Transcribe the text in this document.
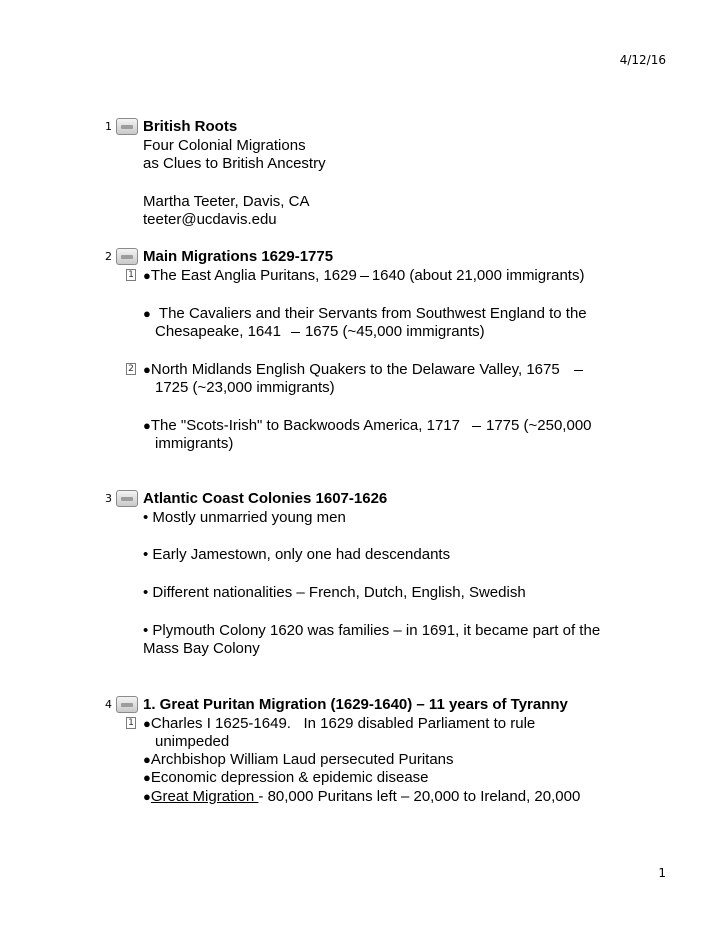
4/12/16
1 British Roots
Four Colonial Migrations
as Clues to British Ancestry
Martha Teeter, Davis, CA
teeter@ucdavis.edu
2 Main Migrations 1629-1775
1 ●The East Anglia Puritans, 1629 1640 (about 21,000 immigrants)
●  The Cavaliers and their Servants from Southwest England to the
Chesapeake, 1641 1675 (~45,000 immigrants)
2 ●North Midlands English Quakers to the Delaware Valley, 1675
1725 (~23,000 immigrants)
●The "Scots-Irish" to Backwoods America, 1717 1775 (~250,000
immigrants)
3 Atlantic Coast Colonies 1607-1626
• Mostly unmarried young men
• Early Jamestown, only one had descendants
• Different nationalities – French, Dutch, English, Swedish
• Plymouth Colony 1620 was families – in 1691, it became part of the
Mass Bay Colony
4 1. Great Puritan Migration (1629-1640) – 11 years of Tyranny
1 ●Charles I 1625-1649.   In 1629 disabled Parliament to rule
unimpeded
●Archbishop William Laud persecuted Puritans
●Economic depression & epidemic disease
●Great Migration - 80,000 Puritans left – 20,000 to Ireland, 20,000
1
